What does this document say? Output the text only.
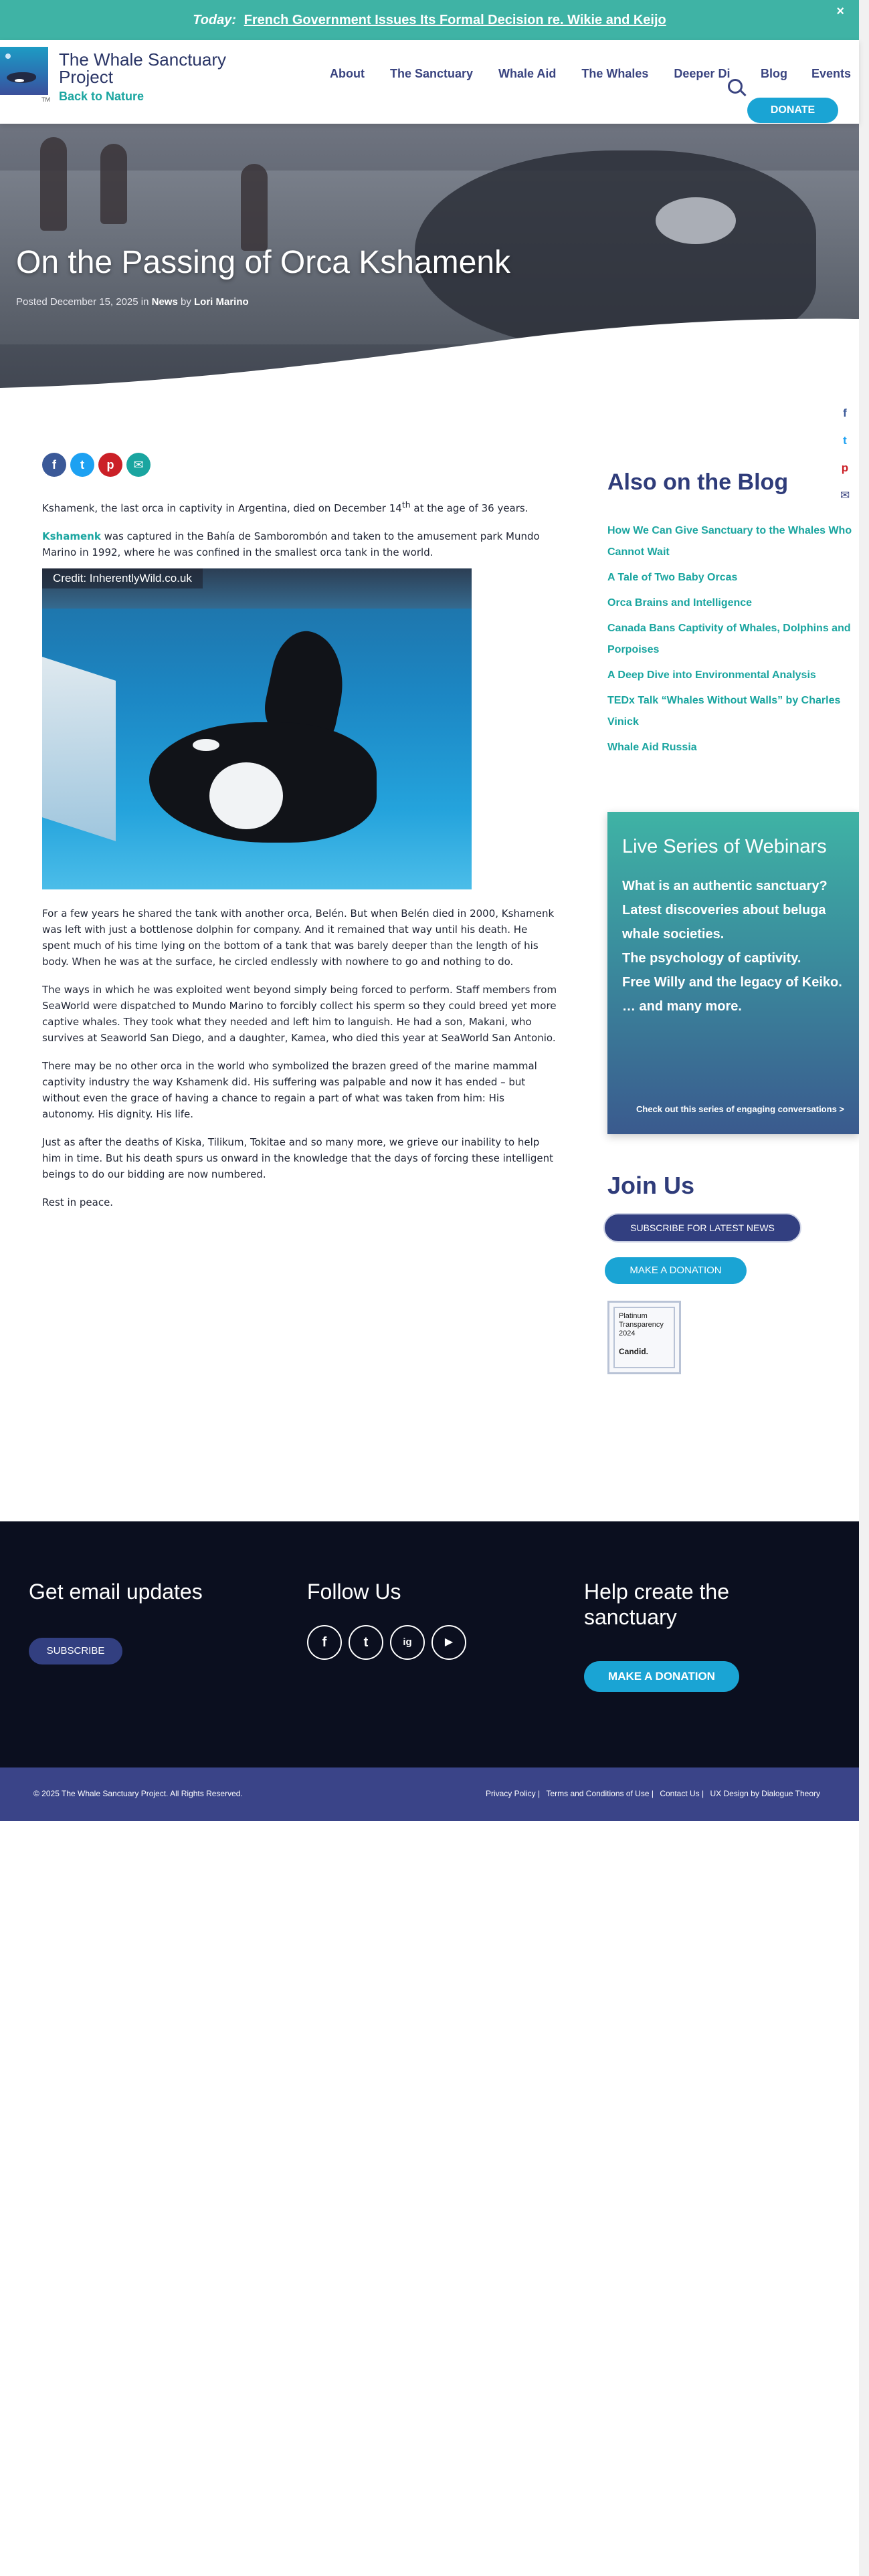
Today: French Government Issues Its Formal Decision re. Wikie and Keijo
×
TM
The Whale Sanctuary Project
Back to Nature
About The Sanctuary Whale Aid The Whales Deeper Di	Blog Events
DONATE
On the Passing of Orca Kshamenk
Posted December 15, 2025 in News by Lori Marino
f
t
p
✉
f	t	p	✉

Kshamenk, the last orca in captivity in Argentina, died on December 14th at the age of 36 years.

Kshamenk was captured in the Bahía de Samborombón and taken to the amusement park Mundo Marino in 1992, where he was confined in the smallest orca tank in the world.

Credit: InherentlyWild.co.uk

For a few years he shared the tank with another orca, Belén. But when Belén died in 2000, Kshamenk was left with just a bottlenose dolphin for company. And it remained that way until his death. He spent much of his time lying on the bottom of a tank that was barely deeper than the length of his body. When he was at the surface, he circled endlessly with nowhere to go and nothing to do.

The ways in which he was exploited went beyond simply being forced to perform. Staff members from SeaWorld were dispatched to Mundo Marino to forcibly collect his sperm so they could breed yet more captive whales. They took what they needed and left him to languish. He had a son, Makani, who survives at Seaworld San Diego, and a daughter, Kamea, who died this year at SeaWorld San Antonio.

There may be no other orca in the world who symbolized the brazen greed of the marine mammal captivity industry the way Kshamenk did. His suffering was palpable and now it has ended – but without even the grace of having a chance to regain a part of what was taken from him: His autonomy. His dignity. His life.

Just as after the deaths of Kiska, Tilikum, Tokitae and so many more, we grieve our inability to help him in time. But his death spurs us onward in the knowledge that the days of forcing these intelligent beings to do our bidding are now numbered.

Rest in peace.

Also on the Blog
How We Can Give Sanctuary to the Whales Who Cannot Wait
A Tale of Two Baby Orcas
Orca Brains and Intelligence
Canada Bans Captivity of Whales, Dolphins and Porpoises
A Deep Dive into Environmental Analysis
TEDx Talk “Whales Without Walls” by Charles Vinick
Whale Aid Russia
Live Series of Webinars
What is an authentic sanctuary?
Latest discoveries about beluga whale societies.
The psychology of captivity.
Free Willy and the legacy of Keiko.
… and many more.
Check out this series of engaging conversations >
Join Us
SUBSCRIBE FOR LATEST NEWS
MAKE A DONATION
Platinum
Transparency
2024
Candid.
Get email updates
SUBSCRIBE
Follow Us
f	t	ig	▶
Help create the sanctuary
MAKE A DONATION
© 2025 The Whale Sanctuary Project. All Rights Reserved.	Privacy Policy | Terms and Conditions of Use | Contact Us | UX Design by Dialogue Theory
